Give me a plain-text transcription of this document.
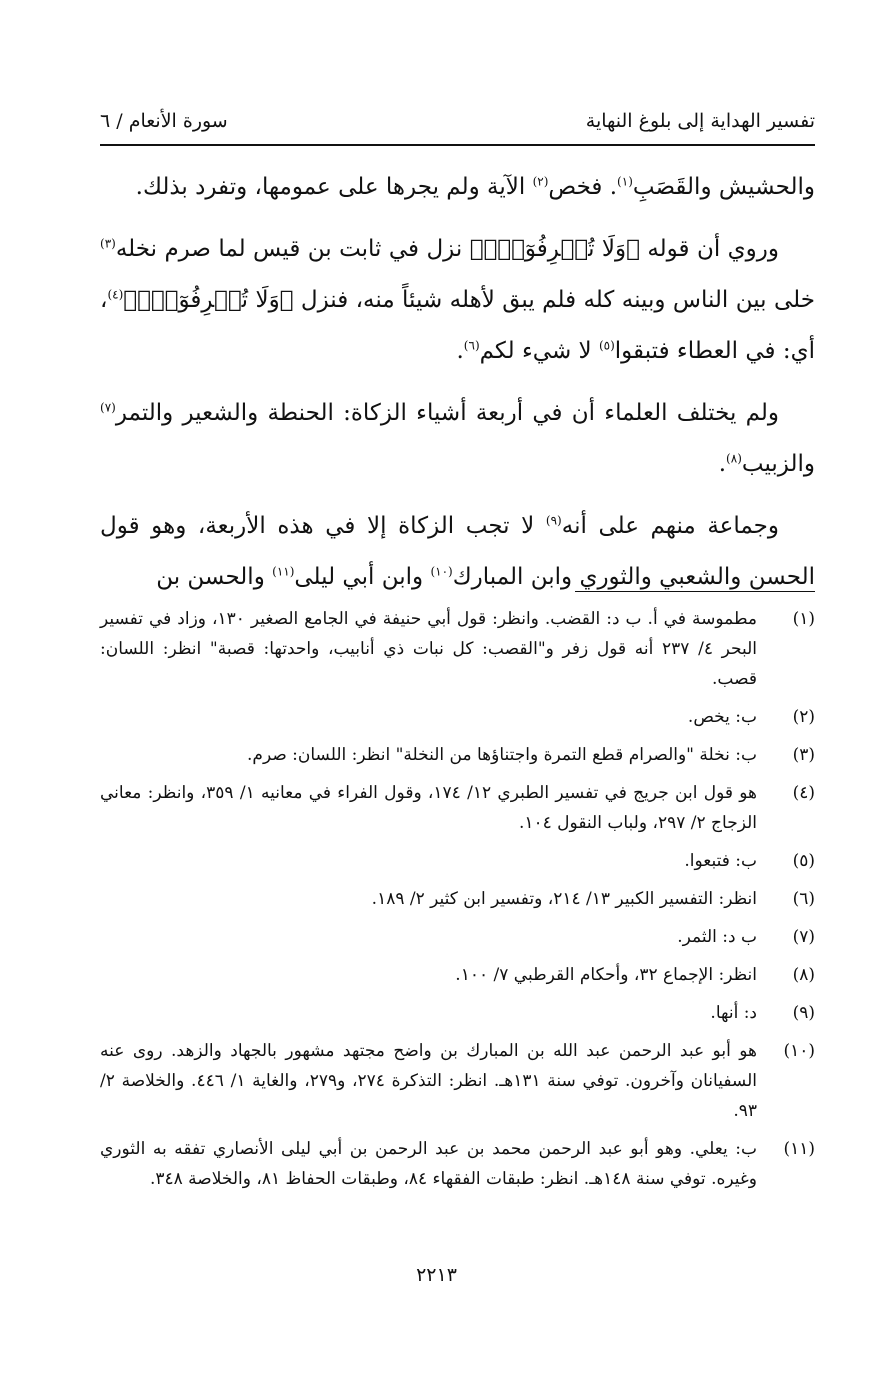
تفسير الهداية إلى بلوغ النهاية
سورة الأنعام / ٦

والحشيش والقَصَبِ$^{(١)}$. فخص$^{(٢)}$ الآية ولم يجرها على عمومها، وتفرد بذلك.

وروي أن قوله ﴿وَلَا تُسۡرِفُوٓاْۚ﴾ نزل في ثابت بن قيس لما صرم نخله$^{(٣)}$ خلى بين الناس وبينه كله فلم يبق لأهله شيئاً منه، فنزل ﴿وَلَا تُسۡرِفُوٓاْۚ﴾$^{(٤)}$، أي: في العطاء فتبقوا$^{(٥)}$ لا شيء لكم$^{(٦)}$.

ولم يختلف العلماء أن في أربعة أشياء الزكاة: الحنطة والشعير والتمر$^{(٧)}$ والزبيب$^{(٨)}$.

وجماعة منهم على أنه$^{(٩)}$ لا تجب الزكاة إلا في هذه الأربعة، وهو قول الحسن والشعبي والثوري وابن المبارك$^{(١٠)}$ وابن أبي ليلى$^{(١١)}$ والحسن بن

(١)
مطموسة في أ. ب د: القضب. وانظر: قول أبي حنيفة في الجامع الصغير ١٣٠، وزاد في تفسير البحر ٤/ ٢٣٧ أنه قول زفر و"القصب: كل نبات ذي أنابيب، واحدتها: قصبة" انظر: اللسان: قصب.
(٢)
ب: يخص.
(٣)
ب: نخلة "والصرام قطع التمرة واجتناؤها من النخلة" انظر: اللسان: صرم.
(٤)
هو قول ابن جريج في تفسير الطبري ١٢/ ١٧٤، وقول الفراء في معانيه ١/ ٣٥٩، وانظر: معاني الزجاج ٢/ ٢٩٧، ولباب النقول ١٠٤.
(٥)
ب: فتبعوا.
(٦)
انظر: التفسير الكبير ١٣/ ٢١٤، وتفسير ابن كثير ٢/ ١٨٩.
(٧)
ب د: الثمر.
(٨)
انظر: الإجماع ٣٢، وأحكام القرطبي ٧/ ١٠٠.
(٩)
د: أنها.
(١٠)
هو أبو عبد الرحمن عبد الله بن المبارك بن واضح مجتهد مشهور بالجهاد والزهد. روى عنه السفيانان وآخرون. توفي سنة ١٣١هـ. انظر: التذكرة ٢٧٤، و٢٧٩، والغاية ١/ ٤٤٦. والخلاصة ٢/ ٩٣.
(١١)
ب: يعلي. وهو أبو عبد الرحمن محمد بن عبد الرحمن بن أبي ليلى الأنصاري تفقه به الثوري وغيره. توفي سنة ١٤٨هـ. انظر: طبقات الفقهاء ٨٤، وطبقات الحفاظ ٨١، والخلاصة ٣٤٨.
٢٢١٣
